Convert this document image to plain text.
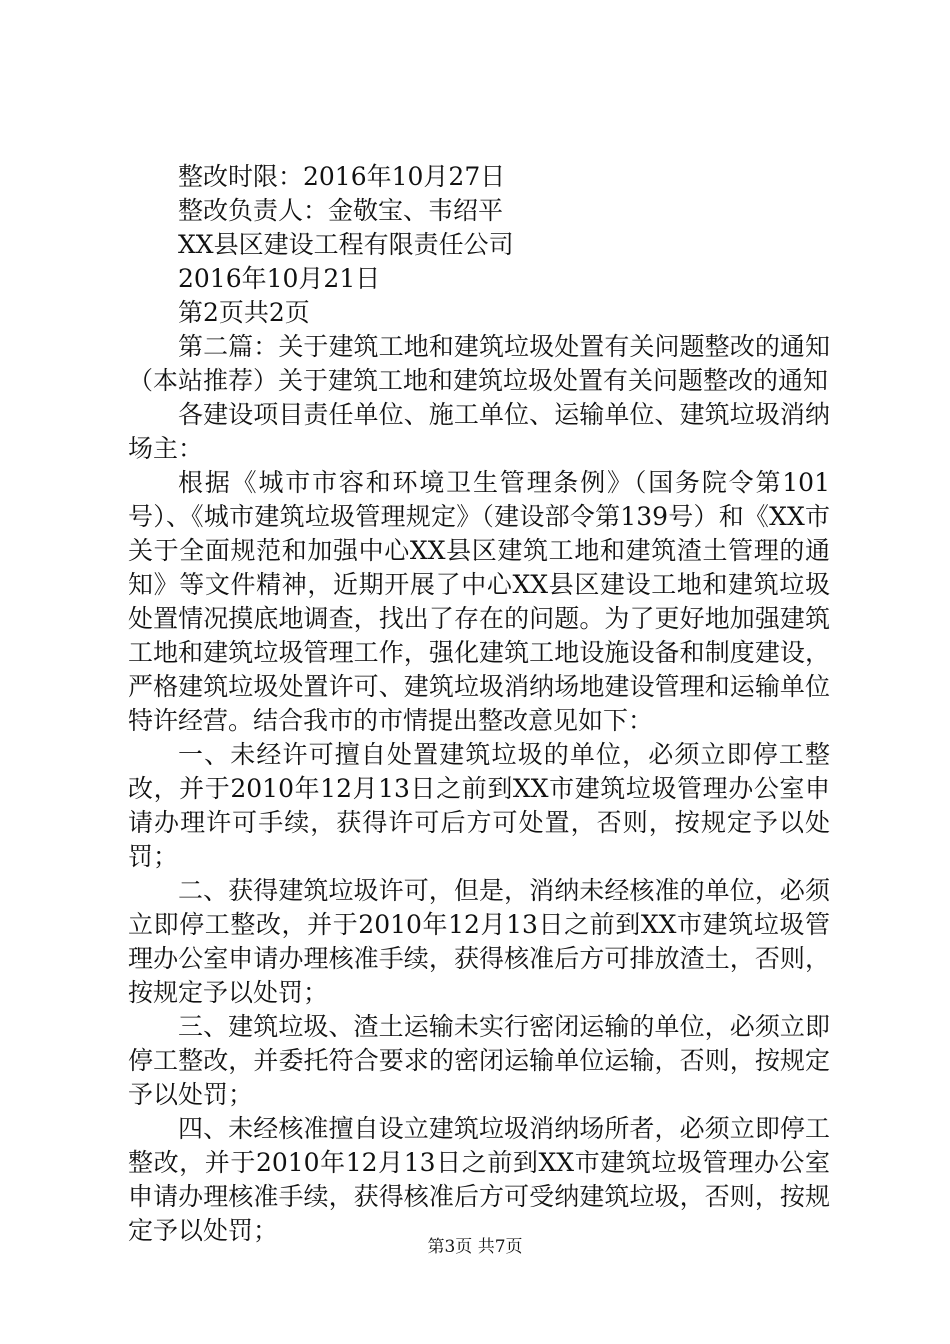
整改时限：2016年10月27日

整改负责人：金敬宝、韦绍平

XX县区建设工程有限责任公司

2016年10月21日

第2页共2页

第二篇：关于建筑工地和建筑垃圾处置有关问题整改的通知（本站推荐）关于建筑工地和建筑垃圾处置有关问题整改的通知

各建设项目责任单位、施工单位、运输单位、建筑垃圾消纳场主：

根据《城市市容和环境卫生管理条例》（国务院令第101号）、《城市建筑垃圾管理规定》（建设部令第139号）和《XX市关于全面规范和加强中心XX县区建筑工地和建筑渣土管理的通知》等文件精神，近期开展了中心XX县区建设工地和建筑垃圾处置情况摸底地调查，找出了存在的问题。为了更好地加强建筑工地和建筑垃圾管理工作，强化建筑工地设施设备和制度建设，严格建筑垃圾处置许可、建筑垃圾消纳场地建设管理和运输单位特许经营。结合我市的市情提出整改意见如下：

一、未经许可擅自处置建筑垃圾的单位，必须立即停工整改，并于2010年12月13日之前到XX市建筑垃圾管理办公室申请办理许可手续，获得许可后方可处置，否则，按规定予以处罚；

二、获得建筑垃圾许可，但是，消纳未经核准的单位，必须立即停工整改，并于2010年12月13日之前到XX市建筑垃圾管理办公室申请办理核准手续，获得核准后方可排放渣土，否则，按规定予以处罚；

三、建筑垃圾、渣土运输未实行密闭运输的单位，必须立即停工整改，并委托符合要求的密闭运输单位运输，否则，按规定予以处罚；

四、未经核准擅自设立建筑垃圾消纳场所者，必须立即停工整改，并于2010年12月13日之前到XX市建筑垃圾管理办公室申请办理核准手续，获得核准后方可受纳建筑垃圾，否则，按规定予以处罚；

第3页 共7页
